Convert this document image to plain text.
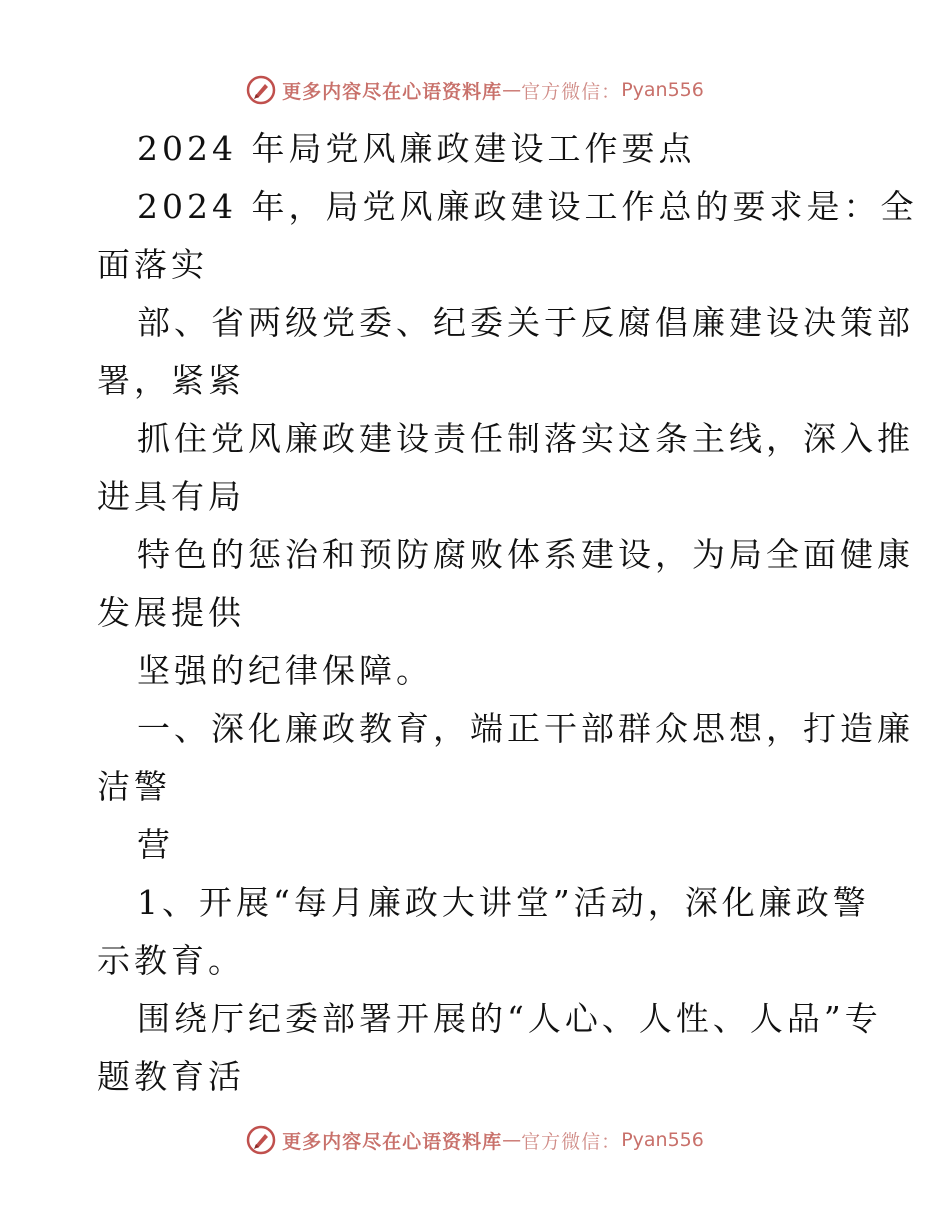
更多内容尽在心语资料库 — 官方微信： Pyan556
2024 年局党风廉政建设工作要点
2024 年，局党风廉政建设工作总的要求是：全
面落实
部、省两级党委、纪委关于反腐倡廉建设决策部
署，紧紧
抓住党风廉政建设责任制落实这条主线，深入推
进具有局
特色的惩治和预防腐败体系建设，为局全面健康
发展提供
坚强的纪律保障。
一、深化廉政教育，端正干部群众思想，打造廉
洁警
营
1、开展“每月廉政大讲堂”活动，深化廉政警
示教育。
围绕厅纪委部署开展的“人心、人性、人品”专
题教育活
更多内容尽在心语资料库 — 官方微信： Pyan556
